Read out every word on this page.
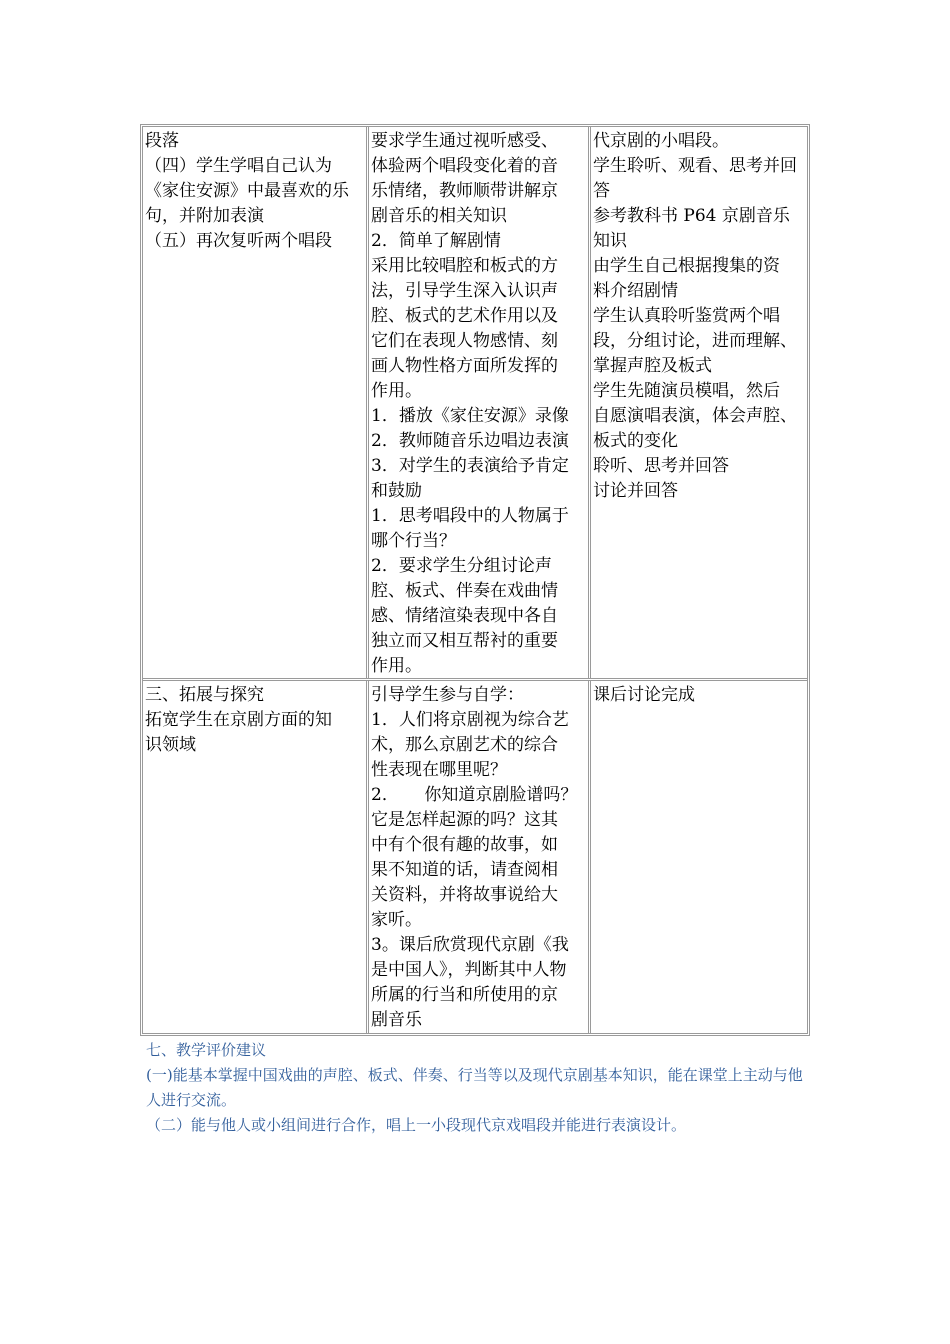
段落
（四）学生学唱自己认为
《家住安源》中最喜欢的乐
句，并附加表演
（五）再次复听两个唱段
要求学生通过视听感受、
体验两个唱段变化着的音
乐情绪，教师顺带讲解京
剧音乐的相关知识
2．简单了解剧情
采用比较唱腔和板式的方
法，引导学生深入认识声
腔、板式的艺术作用以及
它们在表现人物感情、刻
画人物性格方面所发挥的
作用。
1．播放《家住安源》录像
2．教师随音乐边唱边表演
3．对学生的表演给予肯定
和鼓励
1．思考唱段中的人物属于
哪个行当？
2．要求学生分组讨论声
腔、板式、伴奏在戏曲情
感、情绪渲染表现中各自
独立而又相互帮衬的重要
作用。
代京剧的小唱段。
学生聆听、观看、思考并回
答
参考教科书 P64 京剧音乐
知识
由学生自己根据搜集的资
料介绍剧情
学生认真聆听鉴赏两个唱
段，分组讨论，进而理解、
掌握声腔及板式
学生先随演员模唱，然后
自愿演唱表演，体会声腔、
板式的变化
聆听、思考并回答
讨论并回答
三、拓展与探究
拓宽学生在京剧方面的知
识领域
引导学生参与自学：
1．人们将京剧视为综合艺
术，那么京剧艺术的综合
性表现在哪里呢？
2．　　你知道京剧脸谱吗？
它是怎样起源的吗？这其
中有个很有趣的故事，如
果不知道的话，请查阅相
关资料，并将故事说给大
家听。
3。课后欣赏现代京剧《我
是中国人》，判断其中人物
所属的行当和所使用的京
剧音乐
课后讨论完成
七、教学评价建议
(一)能基本掌握中国戏曲的声腔、板式、伴奏、行当等以及现代京剧基本知识，能在课堂上主动与他人进行交流。
（二）能与他人或小组间进行合作，唱上一小段现代京戏唱段并能进行表演设计。
